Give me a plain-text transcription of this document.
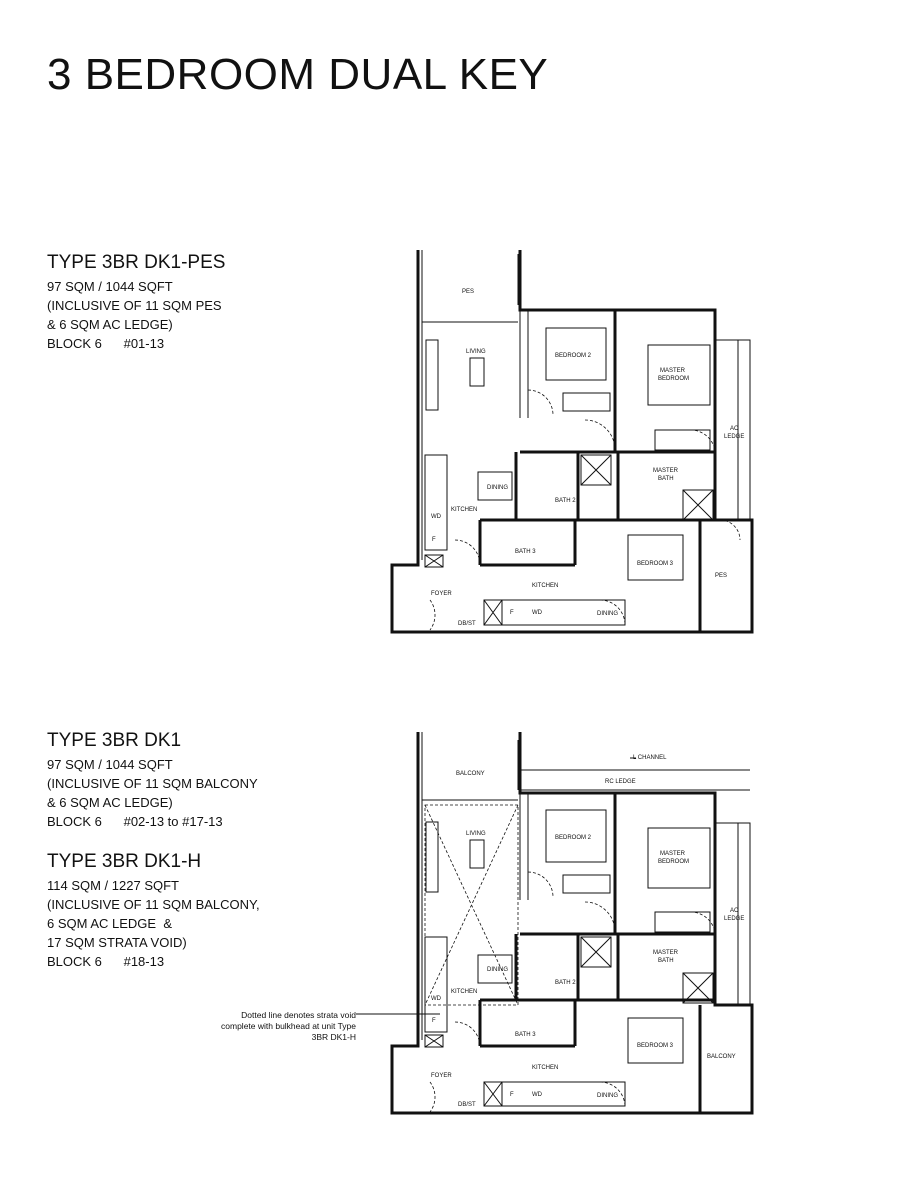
3 BEDROOM DUAL KEY
TYPE 3BR DK1-PES
97 SQM / 1044 SQFT
(INCLUSIVE OF 11 SQM PES
& 6 SQM AC LEDGE)
BLOCK 6      #01-13
TYPE 3BR DK1
97 SQM / 1044 SQFT
(INCLUSIVE OF 11 SQM BALCONY
& 6 SQM AC LEDGE)
BLOCK 6      #02-13 to #17-13
TYPE 3BR DK1-H
114 SQM / 1227 SQFT
(INCLUSIVE OF 11 SQM BALCONY,
6 SQM AC LEDGE  &
17 SQM STRATA VOID)
BLOCK 6      #18-13
Dotted line denotes strata void complete with bulkhead at unit Type 3BR DK1-H
PES
LIVING
BEDROOM 2
MASTER
BEDROOM
AC
LEDGE
DINING
BATH 2
MASTER
BATH
KITCHEN
WD
F
BATH 3
BEDROOM 3
PES
FOYER
KITCHEN
DINING
DB/ST
F	WD
BALCONY
L CHANNEL
RC LEDGE
LIVING
BEDROOM 2
MASTER
BEDROOM
AC
LEDGE
DINING
BATH 2
MASTER
BATH
KITCHEN
WD
F
BATH 3
BEDROOM 3
BALCONY
FOYER
KITCHEN
DINING
DB/ST
F	WD
